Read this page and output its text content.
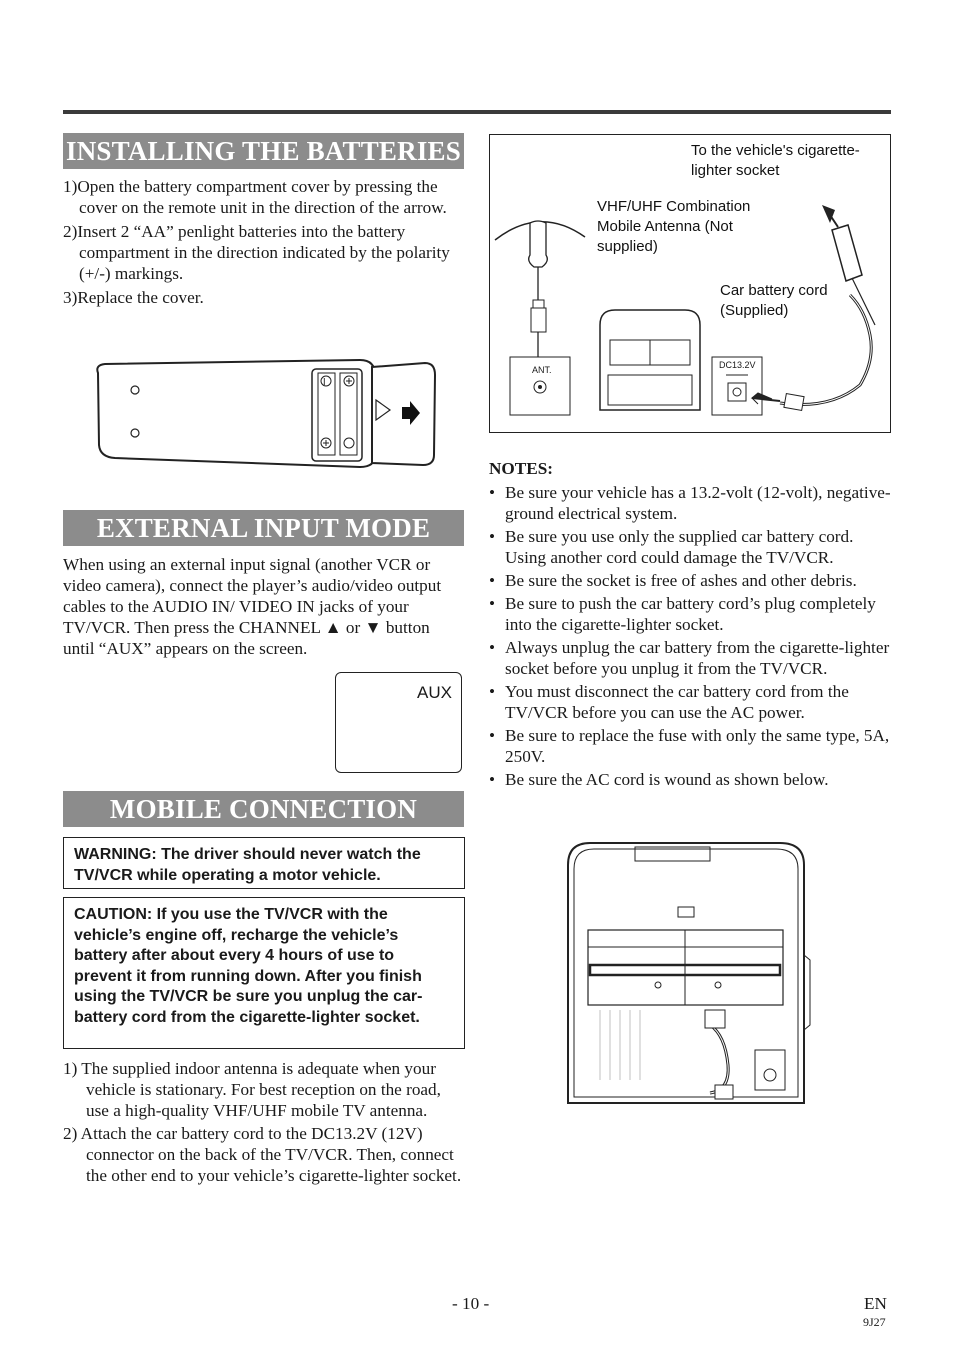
INSTALLING THE BATTERIES
1)Open the battery compartment cover by pressing the cover on the remote unit in the direction of the arrow.
2)Insert 2 “AA” penlight batteries into the battery compartment in the direction indicated by the polarity (+/-) markings.
3)Replace the cover.
l
EXTERNAL INPUT MODE
When using an external input signal (another VCR or video camera), connect the player’s audio/video output cables to the AUDIO IN/ VIDEO IN jacks of your TV/VCR. Then press the CHANNEL ▲ or ▼ button until “AUX” appears on the screen.
AUX
MOBILE CONNECTION
WARNING: The driver should never watch the TV/VCR while operating a motor vehicle.
CAUTION: If you use the TV/VCR with the vehicle’s engine off, recharge the vehicle’s battery after about every 4 hours of use to prevent it from running down. After you finish using the TV/VCR be sure you unplug the car-battery cord from the cigarette-lighter socket.
1) The supplied indoor antenna is adequate when your vehicle is stationary. For best reception on the road, use a high-quality VHF/UHF mobile TV antenna.
2) Attach the car battery cord to the DC13.2V (12V) connector on the back of the TV/VCR. Then, connect the other end to your vehicle’s cigarette-lighter socket.
To the vehicle's cigarette-lighter socket
VHF/UHF Combination Mobile Antenna (Not supplied)
Car battery cord (Supplied)
ANT.	DC13.2V
NOTES:
• Be sure your vehicle has a 13.2-volt (12-volt), negative-ground electrical system.
• Be sure you use only the supplied car battery cord. Using another cord could damage the TV/VCR.
• Be sure the socket is free of ashes and other debris.
• Be sure to push the car battery cord’s plug completely into the cigarette-lighter socket.
• Always unplug the car battery from the cigarette-lighter socket before you unplug it from the TV/VCR.
• You must disconnect the car battery cord from the TV/VCR before you can use the AC power.
• Be sure to replace the fuse with only the same type, 5A, 250V.
• Be sure the AC cord is wound as shown below.
- 10 -	EN
9J27
